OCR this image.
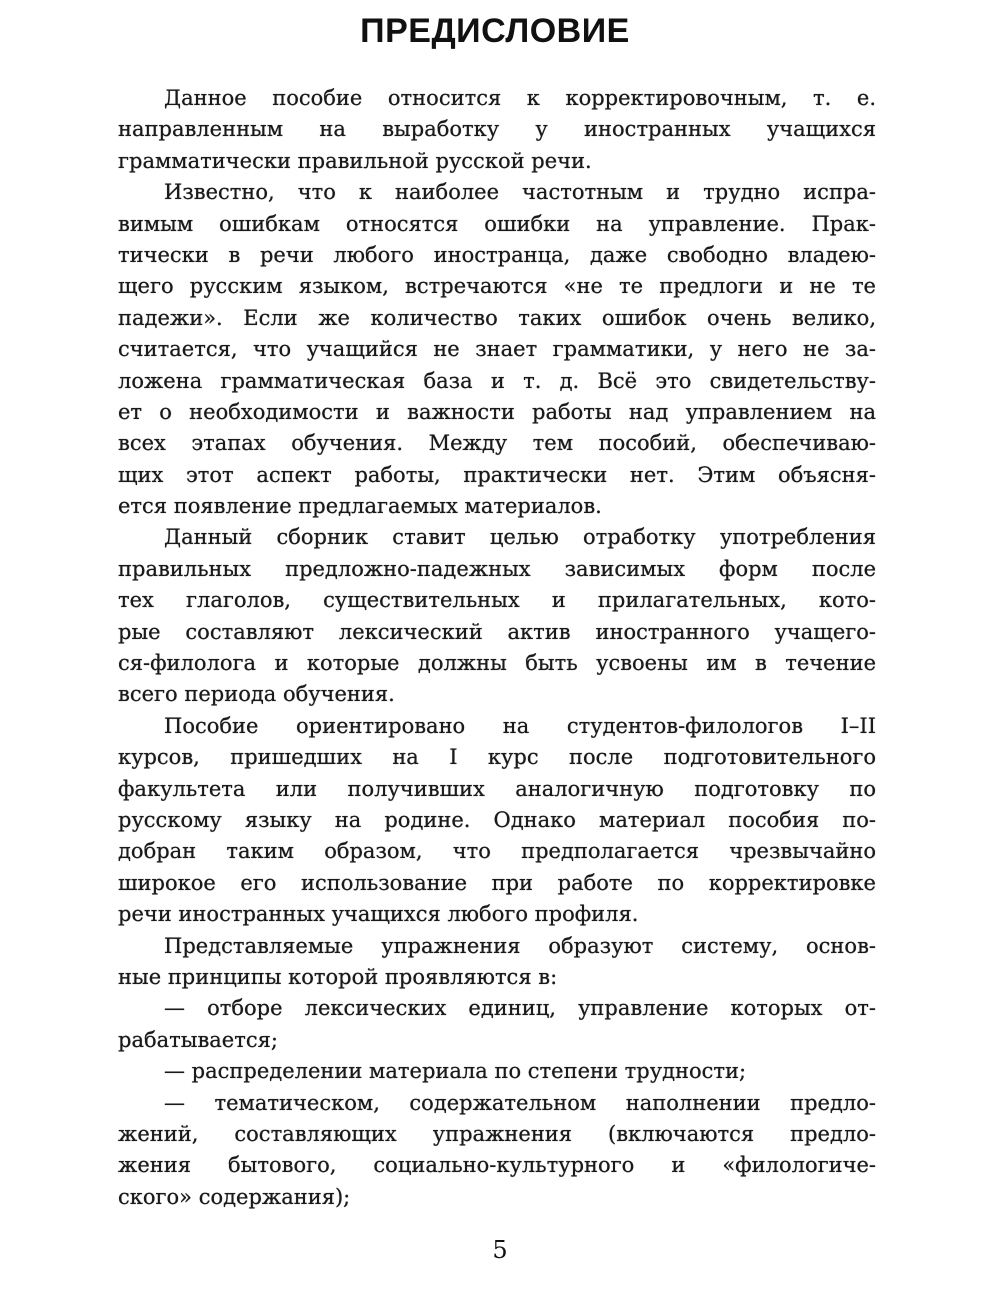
ПРЕДИСЛОВИЕ
Данное пособие относится к корректировочным, т. е.
направленным на выработку у иностранных учащихся
грамматически правильной русской речи.
Известно, что к наиболее частотным и трудно испра-
вимым ошибкам относятся ошибки на управление. Прак-
тически в речи любого иностранца, даже свободно владею-
щего русским языком, встречаются «не те предлоги и не те
падежи». Если же количество таких ошибок очень велико,
считается, что учащийся не знает грамматики, у него не за-
ложена грамматическая база и т. д. Всё это свидетельству-
ет о необходимости и важности работы над управлением на
всех этапах обучения. Между тем пособий, обеспечиваю-
щих этот аспект работы, практически нет. Этим объясня-
ется появление предлагаемых материалов.
Данный сборник ставит целью отработку употребления
правильных предложно-падежных зависимых форм после
тех глаголов, существительных и прилагательных, кото-
рые составляют лексический актив иностранного учащего-
ся-филолога и которые должны быть усвоены им в течение
всего периода обучения.
Пособие ориентировано на студентов-филологов I–II
курсов, пришедших на I курс после подготовительного
факультета или получивших аналогичную подготовку по
русскому языку на родине. Однако материал пособия по-
добран таким образом, что предполагается чрезвычайно
широкое его использование при работе по корректировке
речи иностранных учащихся любого профиля.
Представляемые упражнения образуют систему, основ-
ные принципы которой проявляются в:
— отборе лексических единиц, управление которых от-
рабатывается;
— распределении материала по степени трудности;
— тематическом, содержательном наполнении предло-
жений, составляющих упражнения (включаются предло-
жения бытового, социально-культурного и «филологиче-
ского» содержания);
5
